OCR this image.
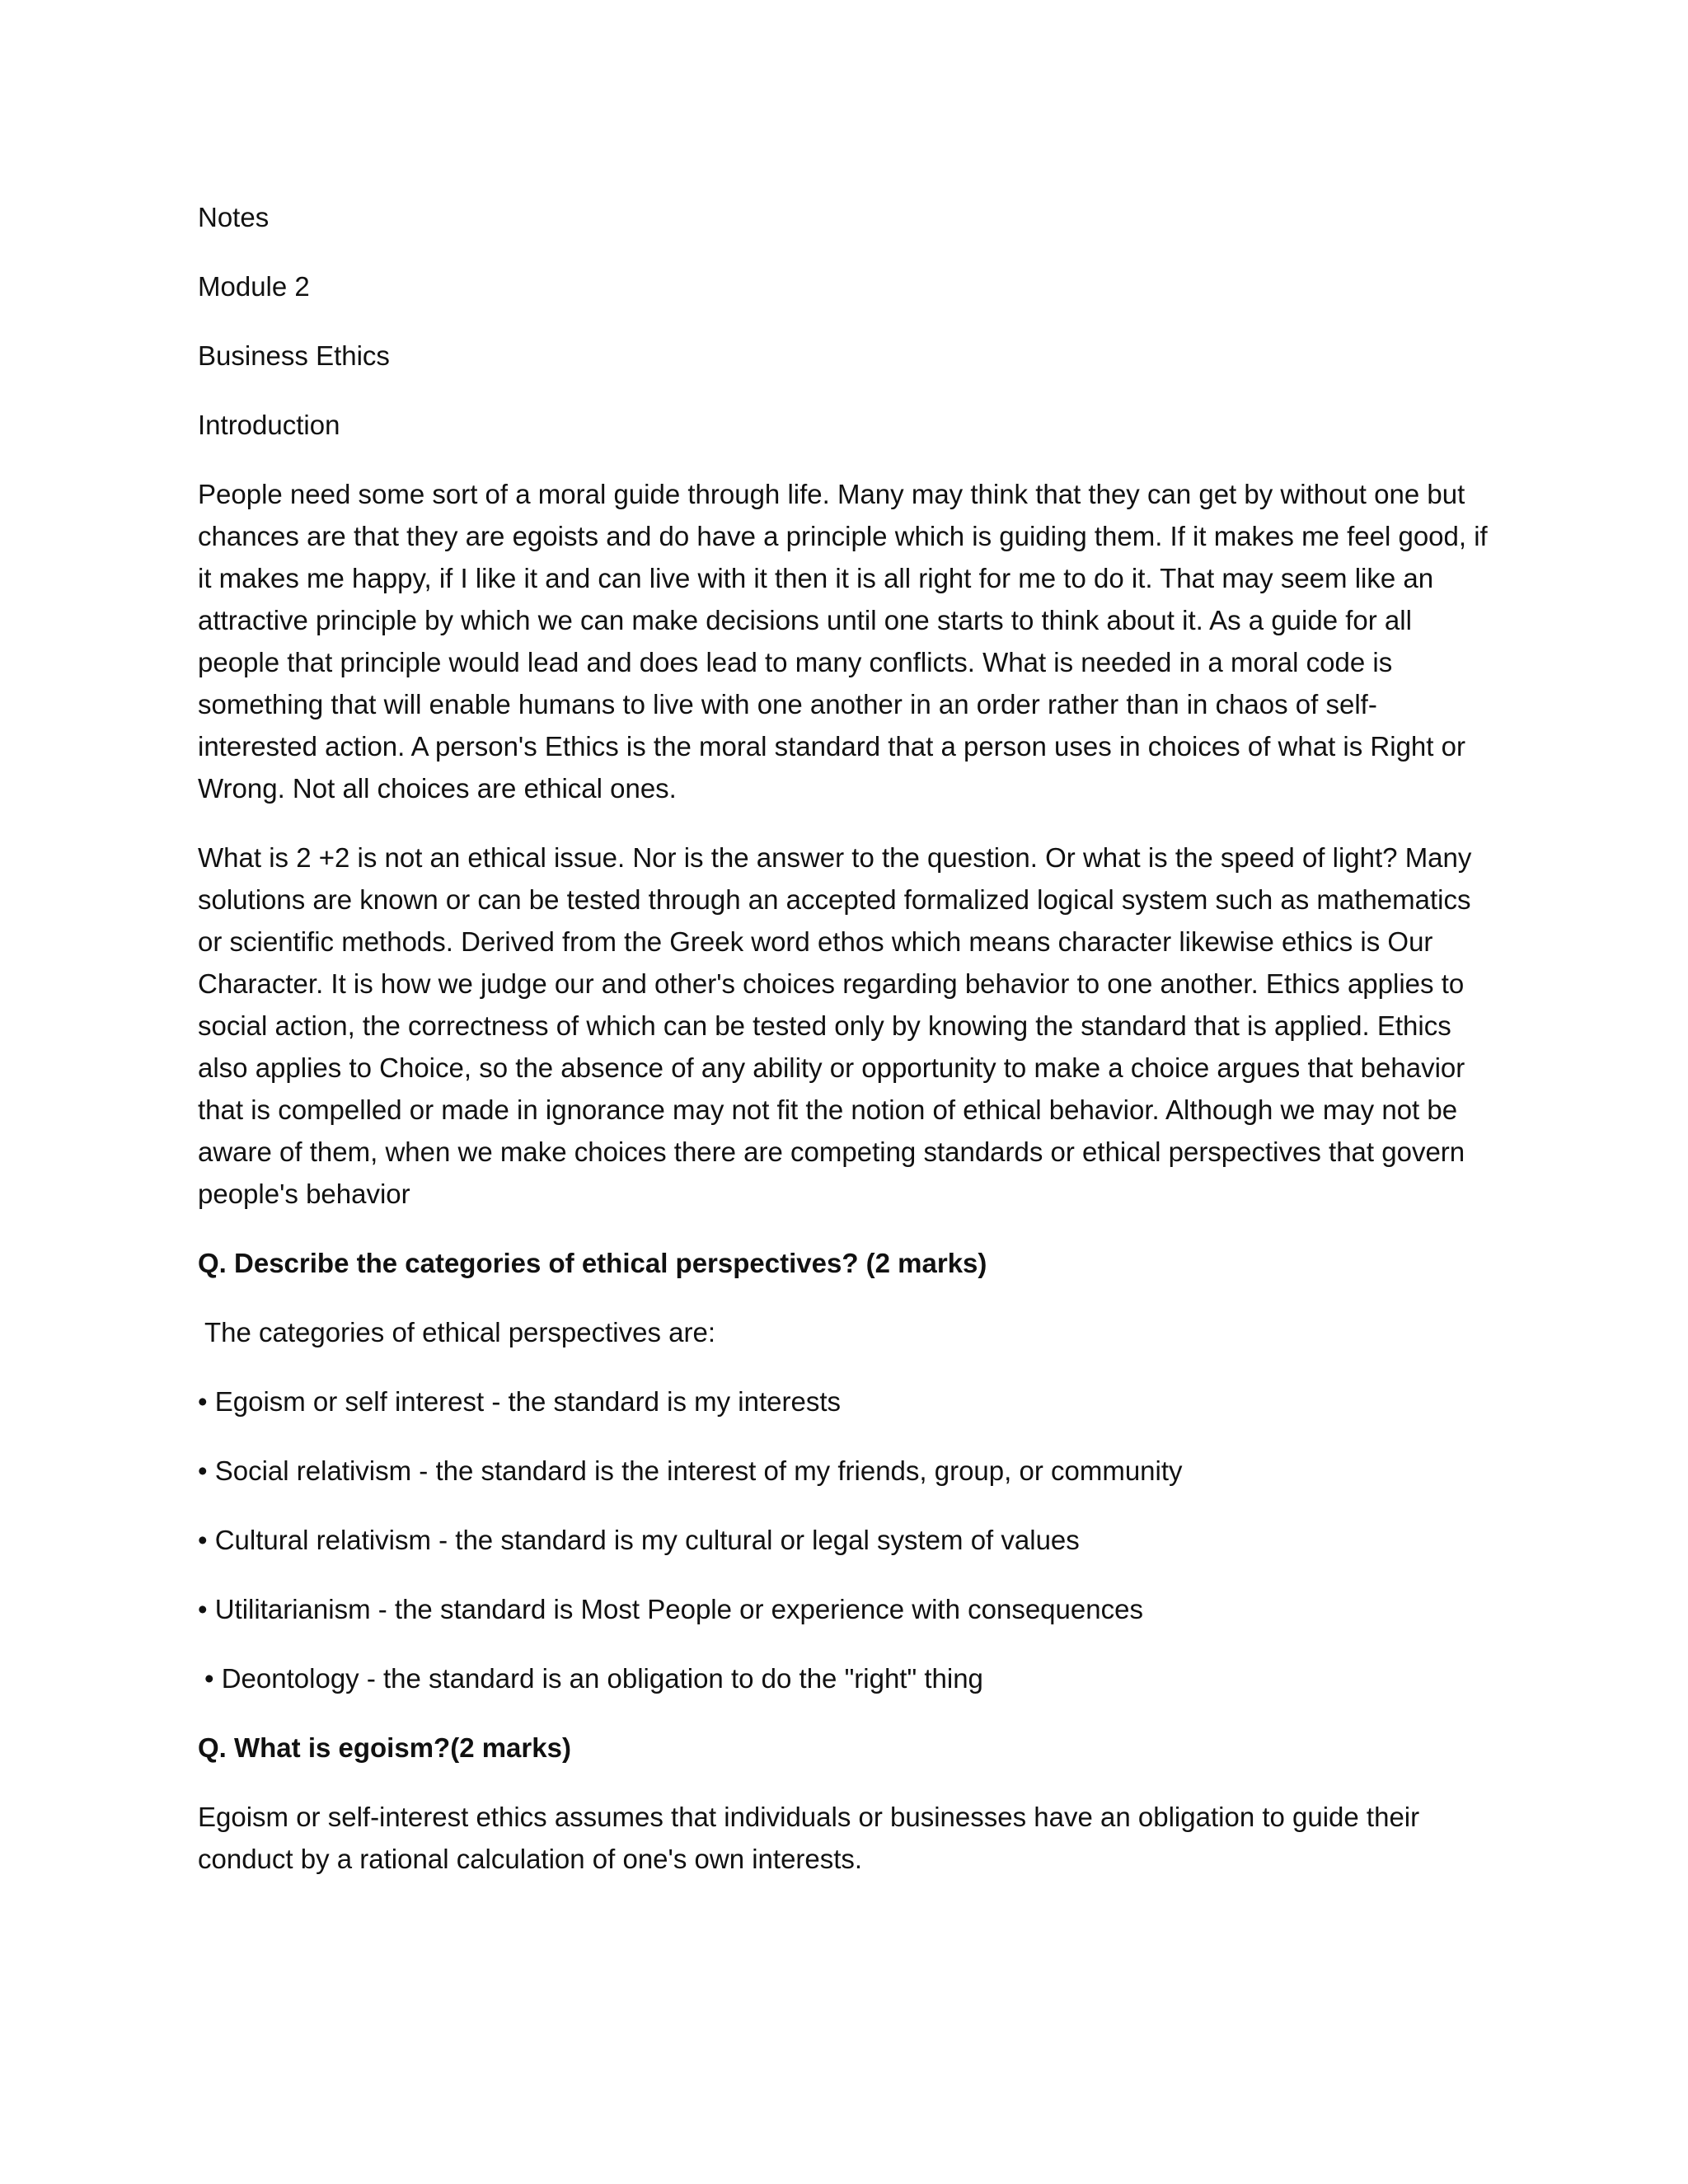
Notes

Module 2

Business Ethics

Introduction

People need some sort of a moral guide through life. Many may think that they can get by without one but chances are that they are egoists and do have a principle which is guiding them. If it makes me feel good, if it makes me happy, if I like it and can live with it then it is all right for me to do it. That may seem like an attractive principle by which we can make decisions until one starts to think about it. As a guide for all people that principle would lead and does lead to many conflicts. What is needed in a moral code is something that will enable humans to live with one another in an order rather than in chaos of self-interested action. A person's Ethics is the moral standard that a person uses in choices of what is Right or Wrong. Not all choices are ethical ones.

What is 2 +2 is not an ethical issue. Nor is the answer to the question. Or what is the speed of light? Many solutions are known or can be tested through an accepted formalized logical system such as mathematics or scientific methods. Derived from the Greek word ethos which means character likewise ethics is Our Character. It is how we judge our and other's choices regarding behavior to one another. Ethics applies to social action, the correctness of which can be tested only by knowing the standard that is applied. Ethics also applies to Choice, so the absence of any ability or opportunity to make a choice argues that behavior that is compelled or made in ignorance may not fit the notion of ethical behavior. Although we may not be aware of them, when we make choices there are competing standards or ethical perspectives that govern people's behavior

Q. Describe the categories of ethical perspectives? (2 marks)

The categories of ethical perspectives are:

• Egoism or self interest - the standard is my interests

• Social relativism - the standard is the interest of my friends, group, or community

• Cultural relativism - the standard is my cultural or legal system of values

• Utilitarianism - the standard is Most People or experience with consequences

• Deontology - the standard is an obligation to do the "right" thing

Q. What is egoism?(2 marks)

Egoism or self-interest ethics assumes that individuals or businesses have an obligation to guide their conduct by a rational calculation of one's own interests.
